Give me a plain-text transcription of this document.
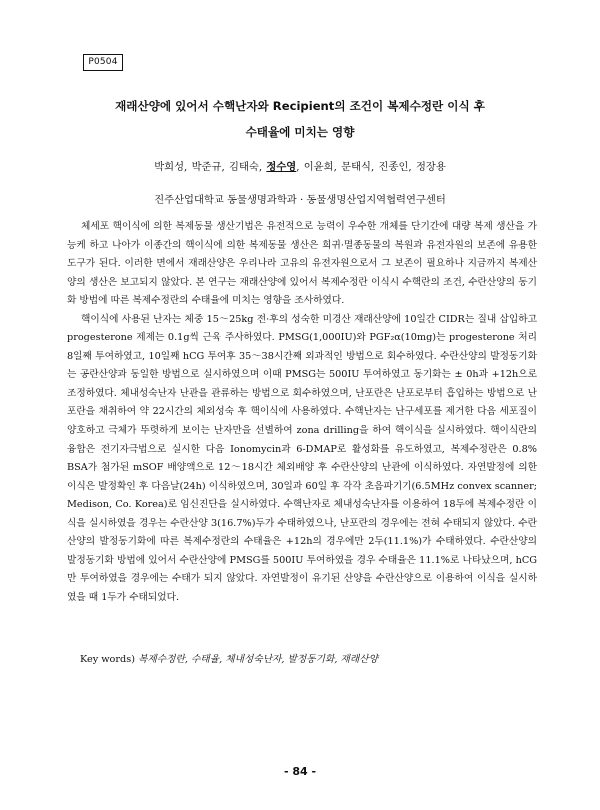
P0504
재래산양에 있어서 수핵난자와 Recipient의 조건이 복제수정란 이식 후
수태율에 미치는 영향
박희성, 박준규, 김태숙, 정수영, 이윤희, 문태식, 진종인, 정장용
진주산업대학교 동물생명과학과 · 동물생명산업지역협력연구센터

체세포 핵이식에 의한 복제동물 생산기법은 유전적으로 능력이 우수한 개체를 단기간에 대량 복제 생산을 가능케 하고 나아가 이종간의 핵이식에 의한 복제동물 생산은 희귀·멸종동물의 복원과 유전자원의 보존에 유용한 도구가 된다. 이러한 면에서 재래산양은 우리나라 고유의 유전자원으로서 그 보존이 필요하나 지금까지 복제산양의 생산은 보고되지 않았다. 본 연구는 재래산양에 있어서 복제수정란 이식시 수핵란의 조건, 수란산양의 동기화 방법에 따른 복제수정란의 수태율에 미치는 영향을 조사하였다.

핵이식에 사용된 난자는 체중 15～25kg 전·후의 성숙한 미경산 재래산양에 10일간 CIDR는 질내 삽입하고 progesterone 제제는 0.1g씩 근육 주사하였다. PMSG(1,000IU)와 PGF₂α(10mg)는 progesterone 처리 8일째 투여하였고, 10일째 hCG 투여후 35～38시간째 외과적인 방법으로 회수하였다. 수란산양의 발정동기화는 공란산양과 동일한 방법으로 실시하였으며 이때 PMSG는 500IU 투여하였고 동기화는 ± 0h과 +12h으로 조정하였다. 체내성숙난자 난관을 관류하는 방법으로 회수하였으며, 난포란은 난포로부터 흡입하는 방법으로 난포란을 채취하여 약 22시간의 체외성숙 후 핵이식에 사용하였다. 수핵난자는 난구세포를 제거한 다음 세포질이 양호하고 극체가 뚜렷하게 보이는 난자만을 선별하여 zona drilling을 하여 핵이식을 실시하였다. 핵이식란의 융합은 전기자극법으로 실시한 다음 Ionomycin과 6-DMAP로 활성화를 유도하였고, 복제수정란은 0.8% BSA가 첨가된 mSOF 배양액으로 12～18시간 체외배양 후 수란산양의 난관에 이식하였다. 자연발정에 의한 이식은 발정확인 후 다음날(24h) 이식하였으며, 30일과 60일 후 각각 초음파기기(6.5MHz convex scanner; Medison, Co. Korea)로 임신진단을 실시하였다. 수핵난자로 체내성숙난자를 이용하여 18두에 복제수정란 이식을 실시하였을 경우는 수란산양 3(16.7%)두가 수태하였으나, 난포란의 경우에는 전혀 수태되지 않았다. 수란산양의 발정동기화에 따른 복제수정란의 수태율은 +12h의 경우에만 2두(11.1%)가 수태하였다. 수란산양의 발정동기화 방법에 있어서 수란산양에 PMSG를 500IU 투여하였을 경우 수태율은 11.1%로 나타났으며, hCG만 투여하였을 경우에는 수태가 되지 않았다. 자연발정이 유기된 산양을 수란산양으로 이용하여 이식을 실시하였을 때 1두가 수태되었다.

Key words) 복제수정란, 수태율, 체내성숙난자, 발정동기화, 재래산양
- 84 -
